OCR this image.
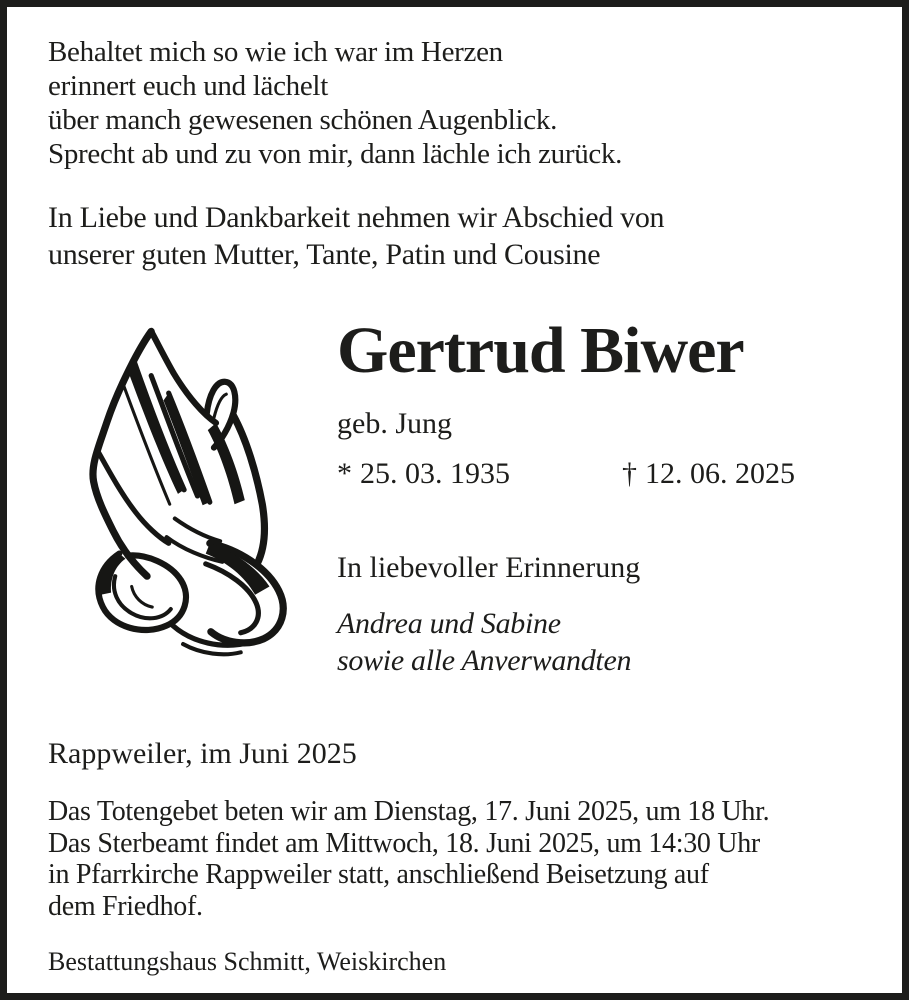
Behaltet mich so wie ich war im Herzen
erinnert euch und lächelt
über manch gewesenen schönen Augenblick.
Sprecht ab und zu von mir, dann lächle ich zurück.
In Liebe und Dankbarkeit nehmen wir Abschied von
unserer guten Mutter, Tante, Patin und Cousine
Gertrud Biwer
geb. Jung
* 25. 03. 1935	† 12. 06. 2025
In liebevoller Erinnerung
Andrea und Sabine
sowie alle Anverwandten
Rappweiler, im Juni 2025
Das Totengebet beten wir am Dienstag, 17. Juni 2025, um 18 Uhr.
Das Sterbeamt findet am Mittwoch, 18. Juni 2025, um 14:30 Uhr
in Pfarrkirche Rappweiler statt, anschließend Beisetzung auf
dem Friedhof.
Bestattungshaus Schmitt, Weiskirchen
